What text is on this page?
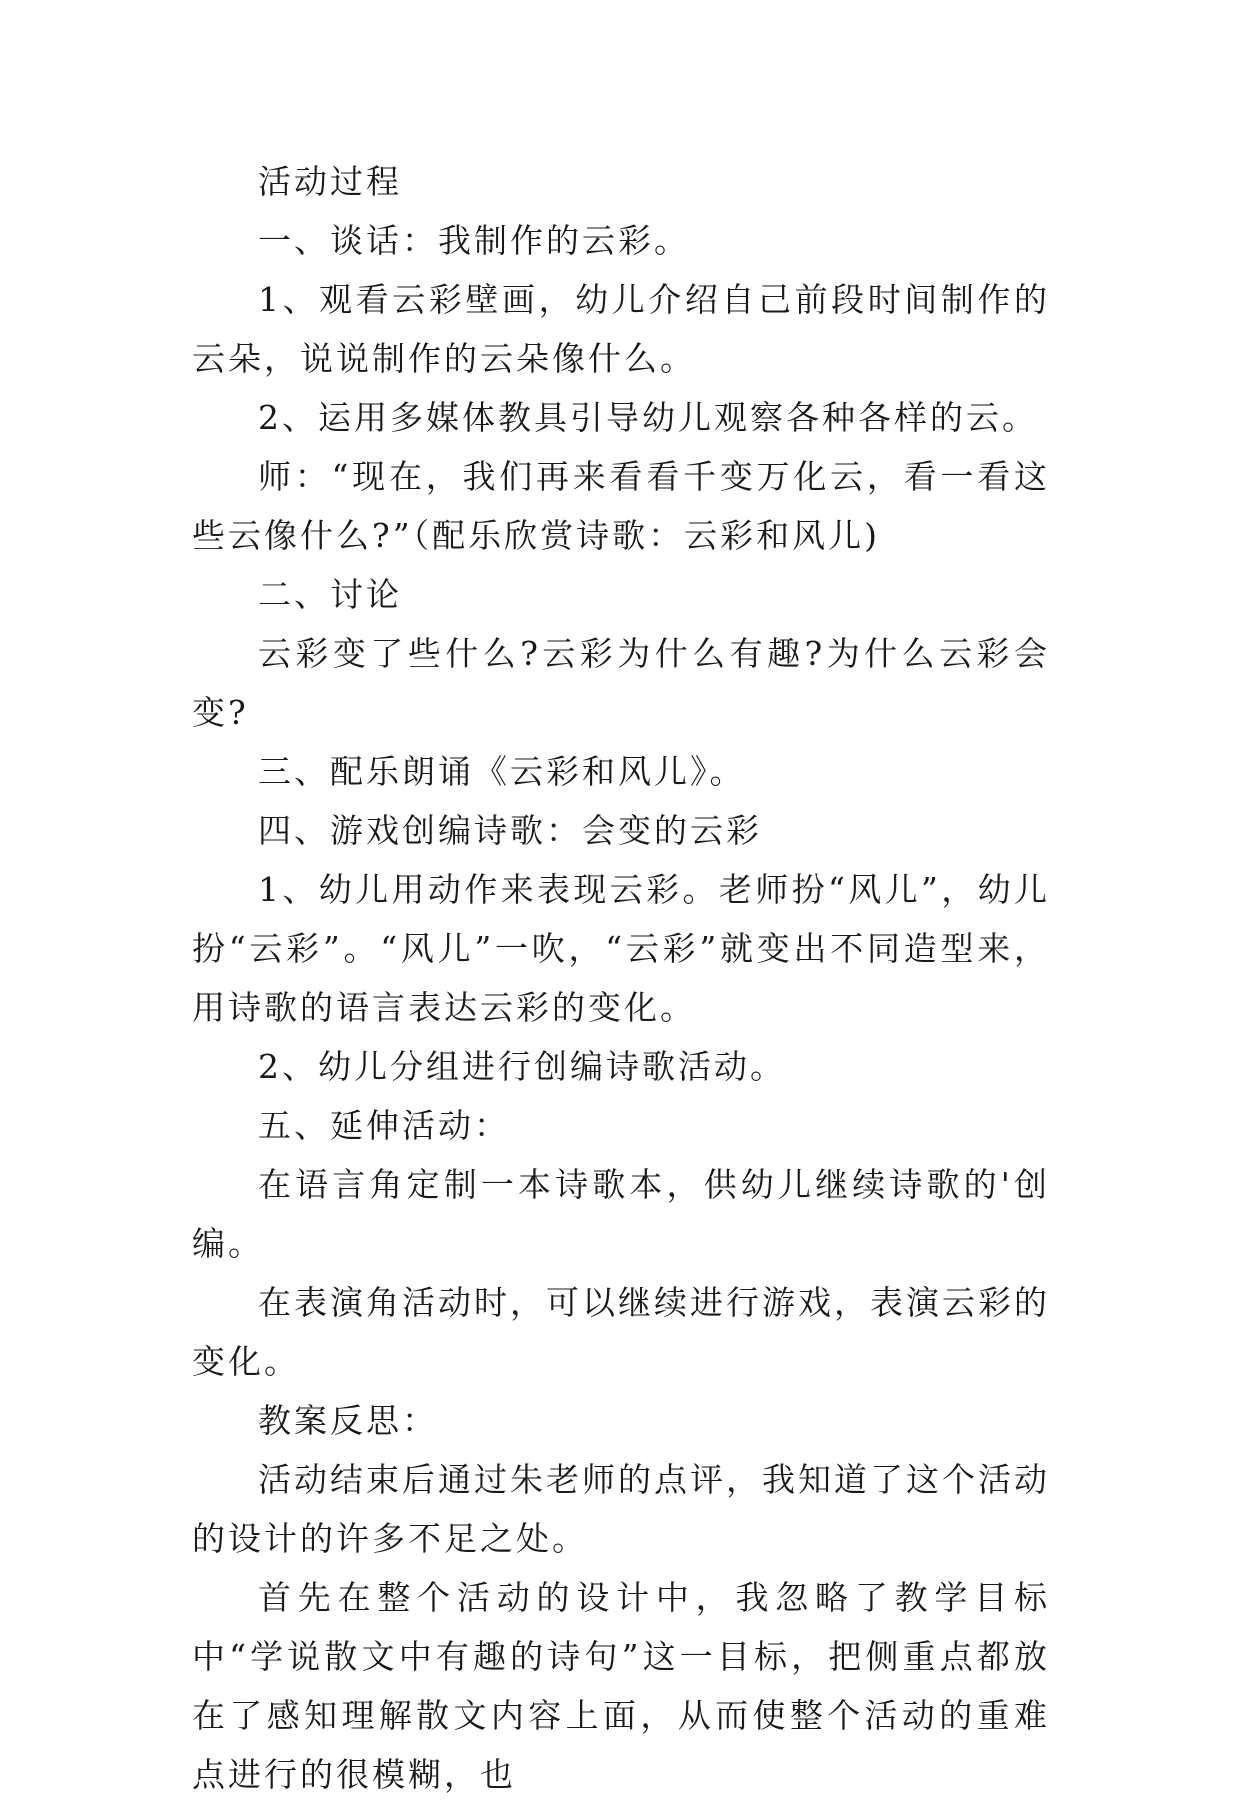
活动过程

一、谈话：我制作的云彩。

1、观看云彩壁画，幼儿介绍自己前段时间制作的云朵，说说制作的云朵像什么。

2、运用多媒体教具引导幼儿观察各种各样的云。

师：“现在，我们再来看看千变万化云，看一看这些云像什么?”（配乐欣赏诗歌：云彩和风儿)

二、讨论

云彩变了些什么?云彩为什么有趣?为什么云彩会变?

三、配乐朗诵《云彩和风儿》。

四、游戏创编诗歌：会变的云彩

1、幼儿用动作来表现云彩。老师扮“风儿”，幼儿扮“云彩”。“风儿”一吹，“云彩”就变出不同造型来，用诗歌的语言表达云彩的变化。

2、幼儿分组进行创编诗歌活动。

五、延伸活动：

在语言角定制一本诗歌本，供幼儿继续诗歌的'创编。

在表演角活动时，可以继续进行游戏，表演云彩的变化。

教案反思：

活动结束后通过朱老师的点评，我知道了这个活动的设计的许多不足之处。

首先在整个活动的设计中，我忽略了教学目标中“学说散文中有趣的诗句”这一目标，把侧重点都放在了感知理解散文内容上面，从而使整个活动的重难点进行的很模糊，也
